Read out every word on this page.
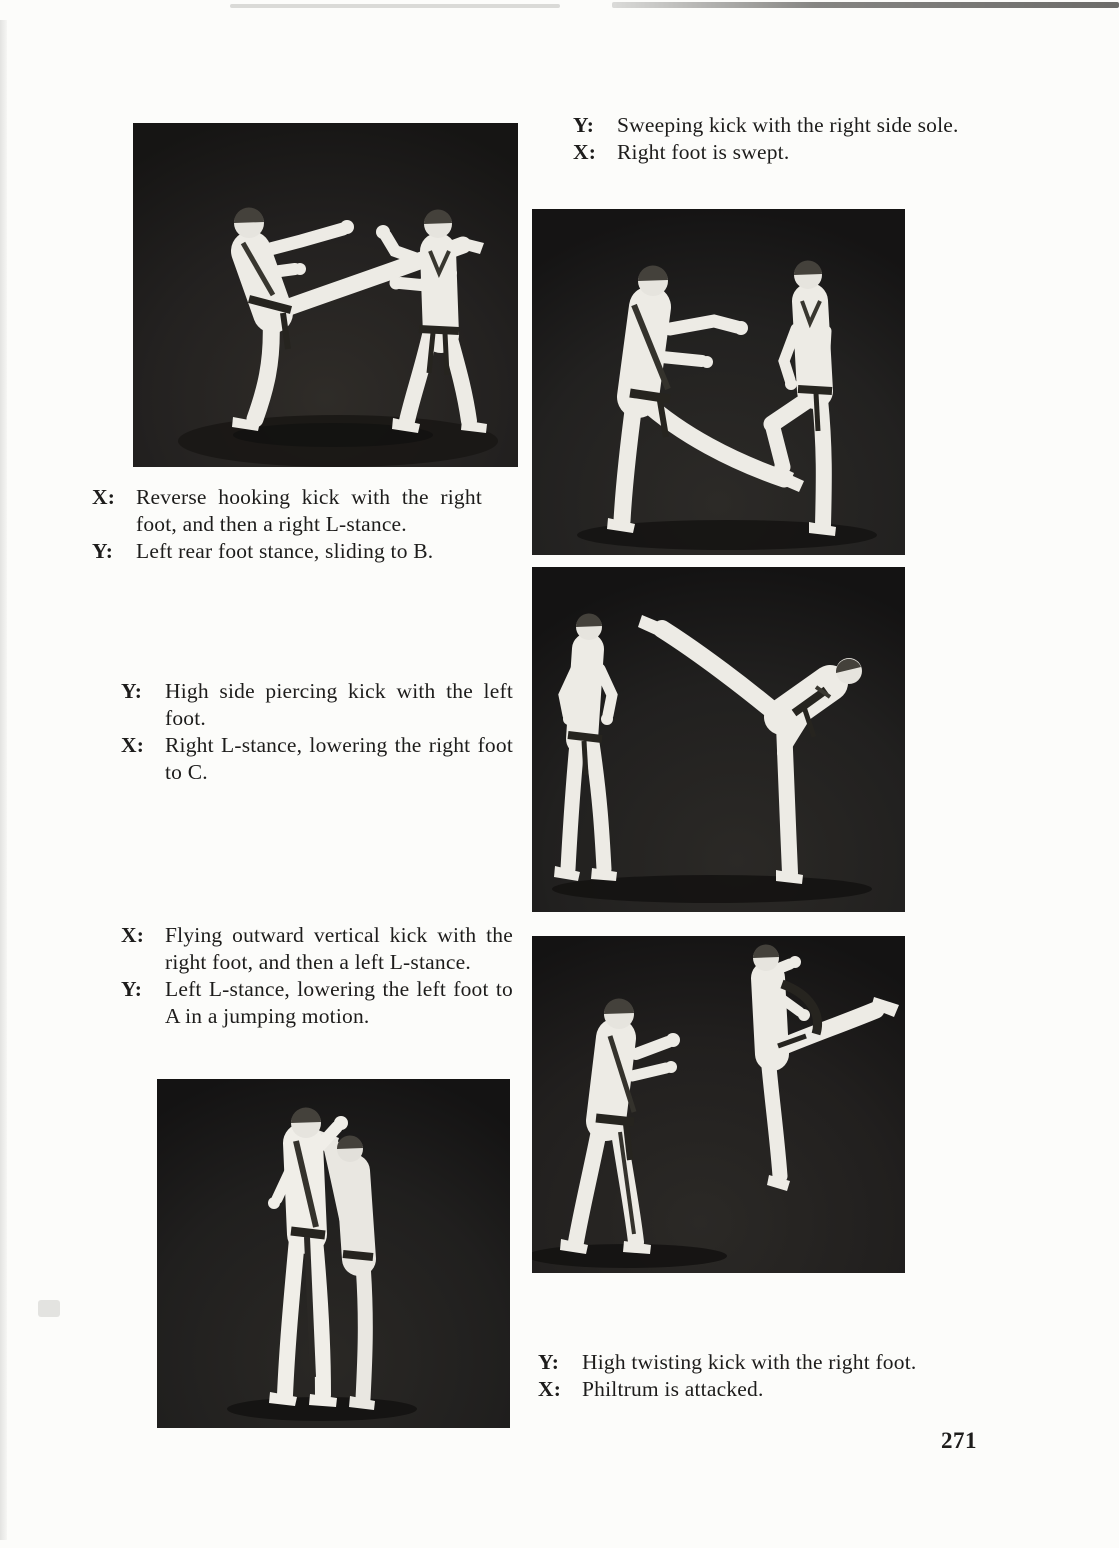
Y:	Sweeping kick with the right side sole.
X: Right foot is swept.
X: Reverse hooking kick with the right foot, and then a right L-stance.
Y:	Left rear foot stance, sliding to B.
Y:	High side piercing kick with the left foot.
X: Right L-stance, lowering the right foot to C.
X: Flying outward vertical kick with the right foot, and then a left L-stance.
Y:	Left L-stance, lowering the left foot to A in a jumping motion.
Y:	High twisting kick with the right foot.
X: Philtrum is attacked.
271
